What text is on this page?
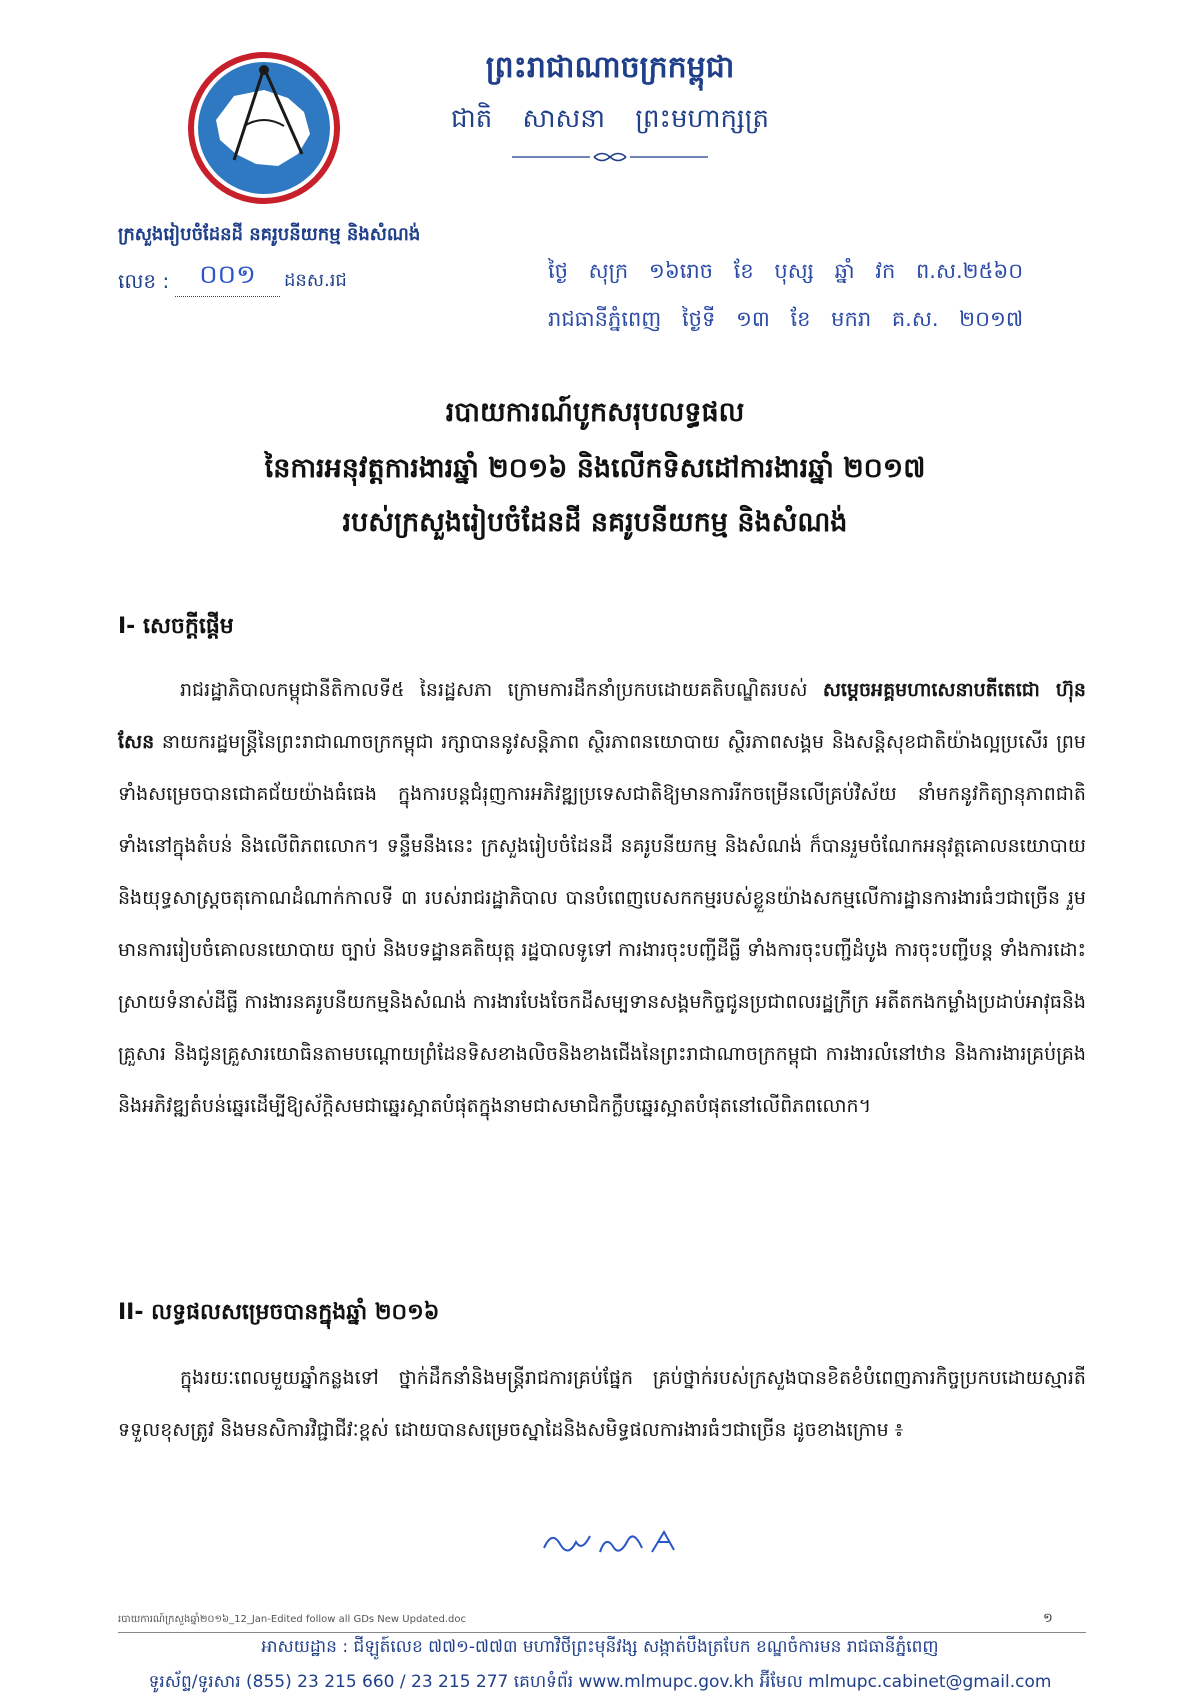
ព្រះរាជាណាចក្រកម្ពុជា
ជាតិ សាសនា ព្រះមហាក្សត្រ
ក្រសួងរៀបចំដែនដី នគរូបនីយកម្ម និងសំណង់
លេខ :	០០១	ដនស.រជ	ថ្ងៃ សុក្រ ១៦រោច ខែ បុស្ស ឆ្នាំ វក ព.ស.២៥៦០
រាជធានីភ្នំពេញ ថ្ងៃទី ១៣ ខែ មករា គ.ស. ២០១៧
របាយការណ៍បូកសរុបលទ្ធផល
នៃការអនុវត្តការងារឆ្នាំ ២០១៦ និងលើកទិសដៅការងារឆ្នាំ ២០១៧
របស់ក្រសួងរៀបចំដែនដី នគរូបនីយកម្ម និងសំណង់
I- សេចក្តីផ្តើម
រាជរដ្ឋាភិបាលកម្ពុជានីតិកាលទី៥ នៃរដ្ឋសភា ក្រោមការដឹកនាំប្រកបដោយគតិបណ្ឌិតរបស់ សម្តេចអគ្គមហាសេនាបតីតេជោ ហ៊ុន សែន នាយករដ្ឋមន្ត្រីនៃព្រះរាជាណាចក្រកម្ពុជា រក្សាបាននូវសន្តិភាព ស្ថិរភាពនយោបាយ ស្ថិរភាពសង្គម និងសន្តិសុខជាតិយ៉ាងល្អប្រសើរ ព្រមទាំងសម្រេចបានជោគជ័យយ៉ាងធំធេង ក្នុងការបន្តជំរុញការអភិវឌ្ឍប្រទេសជាតិឱ្យមានការរីកចម្រើនលើគ្រប់វិស័យ នាំមកនូវកិត្យានុភាពជាតិ ទាំងនៅក្នុងតំបន់ និងលើពិភពលោក។ ទន្ទឹមនឹងនេះ ក្រសួងរៀបចំដែនដី នគរូបនីយកម្ម និងសំណង់ ក៏បានរួមចំណែកអនុវត្តគោលនយោបាយ និងយុទ្ធសាស្ត្រចតុកោណដំណាក់កាលទី ៣ របស់រាជរដ្ឋាភិបាល បានបំពេញបេសកកម្មរបស់ខ្លួនយ៉ាងសកម្មលើការដ្ឋានការងារធំៗជាច្រើន រួមមានការរៀបចំគោលនយោបាយ ច្បាប់ និងបទដ្ឋានគតិយុត្ត រដ្ឋបាលទូទៅ ការងារចុះបញ្ជីដីធ្លី ទាំងការចុះបញ្ជីដំបូង ការចុះបញ្ជីបន្ត ទាំងការដោះស្រាយទំនាស់ដីធ្លី ការងារនគរូបនីយកម្មនិងសំណង់ ការងារបែងចែកដីសម្បទានសង្គមកិច្ចជូនប្រជាពលរដ្ឋក្រីក្រ អតីតកងកម្លាំងប្រដាប់អាវុធនិងគ្រួសារ និងជូនគ្រួសារយោធិនតាមបណ្តោយព្រំដែនទិសខាងលិចនិងខាងជើងនៃព្រះរាជាណាចក្រកម្ពុជា ការងារលំនៅឋាន និងការងារគ្រប់គ្រងនិងអភិវឌ្ឍតំបន់ឆ្នេរដើម្បីឱ្យស័ក្តិសមជាឆ្នេរស្អាតបំផុតក្នុងនាមជាសមាជិកក្លឹបឆ្នេរស្អាតបំផុតនៅលើពិភពលោក។
II- លទ្ធផលសម្រេចបានក្នុងឆ្នាំ ២០១៦
ក្នុងរយៈពេលមួយឆ្នាំកន្លងទៅ ថ្នាក់ដឹកនាំនិងមន្ត្រីរាជការគ្រប់ផ្នែក គ្រប់ថ្នាក់របស់ក្រសួងបានខិតខំបំពេញភារកិច្ចប្រកបដោយស្មារតីទទួលខុសត្រូវ និងមនសិការវិជ្ជាជីវៈខ្ពស់ ដោយបានសម្រេចស្នាដៃនិងសមិទ្ធផលការងារធំៗជាច្រើន ដូចខាងក្រោម ៖
របាយការណ៍ក្រសួងឆ្នាំ២០១៦_12_Jan-Edited follow all GDs New Updated.doc	១
អាសយដ្ឋាន : ជីឡូត៍លេខ ៧៧១-៧៧៣ មហាវិថីព្រះមុនីវង្ស សង្កាត់បឹងត្របែក ខណ្ឌចំការមន រាជធានីភ្នំពេញ
ទូរស័ព្ទ/ទូរសារ (855) 23 215 660 / 23 215 277 គេហទំព័រ www.mlmupc.gov.kh អ៊ីមែល mlmupc.cabinet@gmail.com
